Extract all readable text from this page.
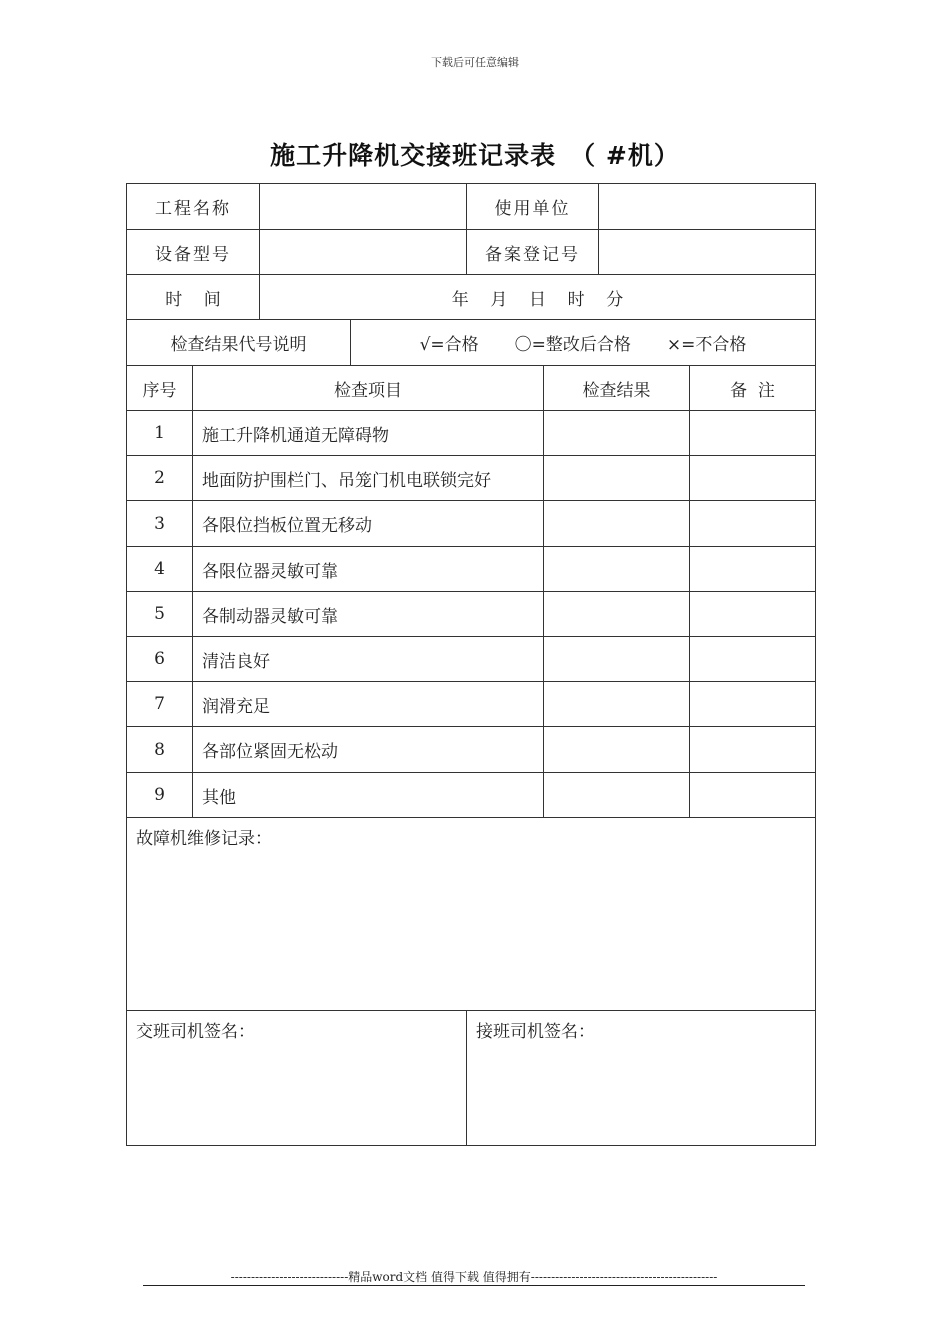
下载后可任意编辑
施工升降机交接班记录表 （ #机）
工程名称	使用单位
设备型号	备案登记号
时    间	年    月    日    时    分
检查结果代号说明	√=合格 〇=整改后合格 ×=不合格
序号	检查项目	检查结果	备  注
1	施工升降机通道无障碍物
2	地面防护围栏门、吊笼门机电联锁完好
3	各限位挡板位置无移动
4	各限位器灵敏可靠
5	各制动器灵敏可靠
6	清洁良好
7	润滑充足
8	各部位紧固无松动
9	其他
故障机维修记录：
交班司机签名：	接班司机签名：
-----------------------------精品word文档 值得下载 值得拥有----------------------------------------------
